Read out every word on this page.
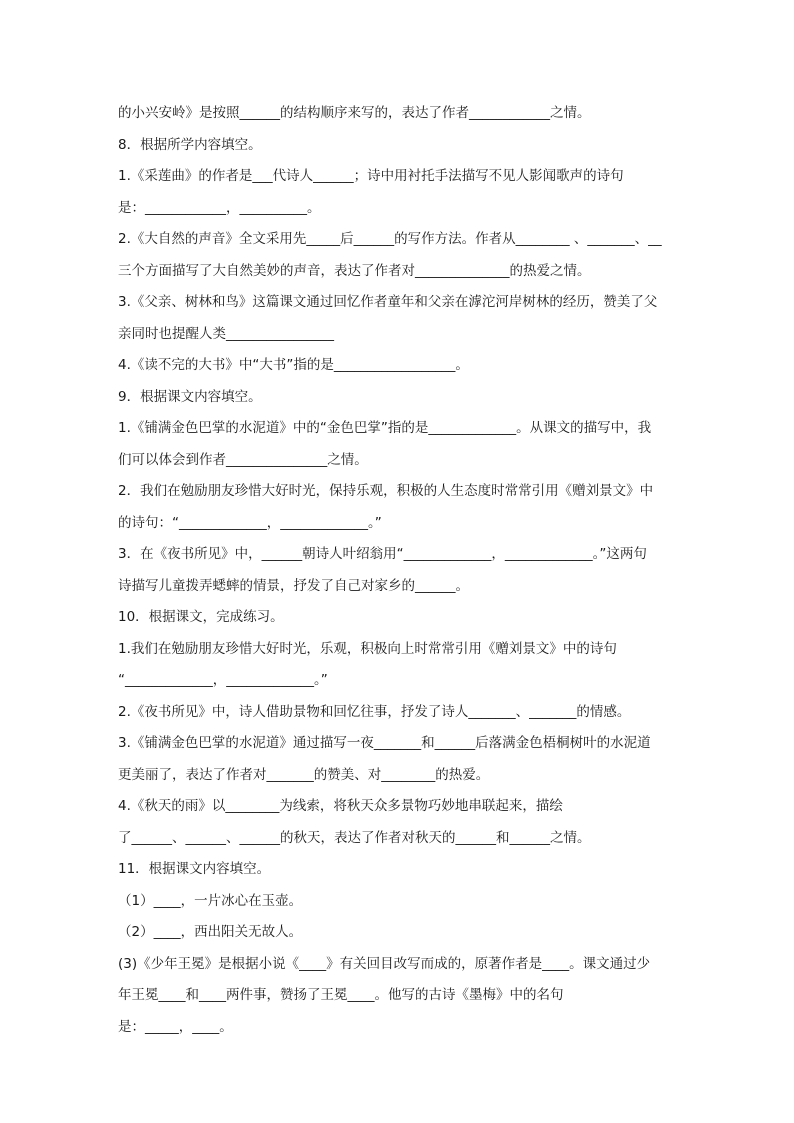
的小兴安岭》是按照______的结构顺序来写的，表达了作者____________之情。
8．根据所学内容填空。
1.《采莲曲》的作者是___代诗人______；诗中用衬托手法描写不见人影闻歌声的诗句
是：____________，__________。
2.《大自然的声音》全文采用先_____后______的写作方法。作者从________ 、_______、__
三个方面描写了大自然美妙的声音，表达了作者对______________的热爱之情。
3.《父亲、树林和鸟》这篇课文通过回忆作者童年和父亲在滹沱河岸树林的经历，赞美了父
亲同时也提醒人类________________
4.《读不完的大书》中“大书”指的是__________________。
9．根据课文内容填空。
1.《铺满金色巴掌的水泥道》中的“金色巴掌”指的是_____________。从课文的描写中，我
们可以体会到作者_______________之情。
2．我们在勉励朋友珍惜大好时光，保持乐观，积极的人生态度时常常引用《赠刘景文》中
的诗句：“_____________，_____________。”
3．在《夜书所见》中，______朝诗人叶绍翁用“_____________，_____________。”这两句
诗描写儿童拨弄蟋蟀的情景，抒发了自己对家乡的______。
10．根据课文，完成练习。
1.我们在勉励朋友珍惜大好时光，乐观，积极向上时常常引用《赠刘景文》中的诗句
“_____________，_____________。”
2.《夜书所见》中，诗人借助景物和回忆往事，抒发了诗人_______、_______的情感。
3.《铺满金色巴掌的水泥道》通过描写一夜_______和______后落满金色梧桐树叶的水泥道
更美丽了，表达了作者对_______的赞美、对________的热爱。
4.《秋天的雨》以________为线索，将秋天众多景物巧妙地串联起来，描绘
了______、______、______的秋天，表达了作者对秋天的______和______之情。
11．根据课文内容填空。
（1）____，一片冰心在玉壶。
（2）____，西出阳关无故人。
(3)《少年王冕》是根据小说《____》有关回目改写而成的，原著作者是____。课文通过少
年王冕____和____两件事，赞扬了王冕____。他写的古诗《墨梅》中的名句
是：_____，____。
